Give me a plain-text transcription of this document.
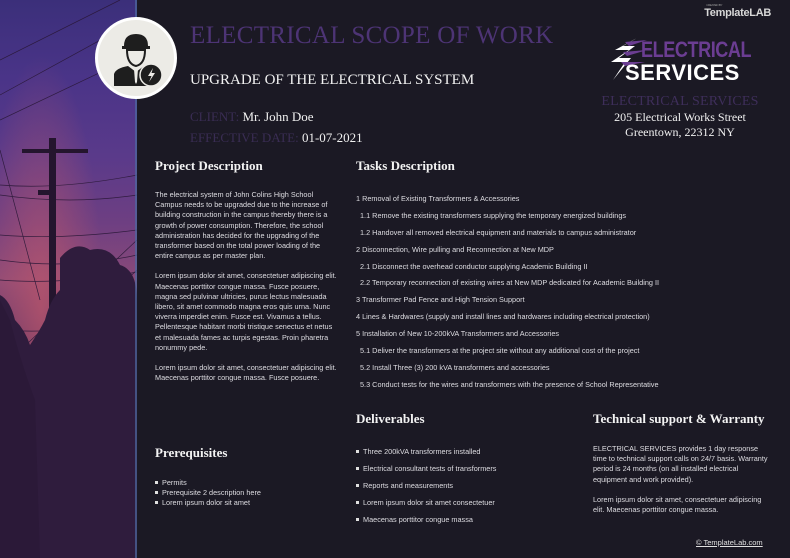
ELECTRICAL SCOPE OF WORK
UPGRADE OF THE ELECTRICAL SYSTEM
CLIENT: Mr. John Doe
EFFECTIVE DATE: 01-07-2021
CREATED BY
TemplateLAB
ELECTRICAL
SERVICES
ELECTRICAL SERVICES
205 Electrical Works Street
Greentown, 22312 NY
Project Description

The electrical system of John Colins High School Campus needs to be upgraded due to the increase of building construction in the campus thereby there is a growth of power consumption. Therefore, the school administration has decided for the upgrading of the transformer based on the total power loading of the entire campus as per master plan.

Lorem ipsum dolor sit amet, consectetuer adipiscing elit. Maecenas porttitor congue massa. Fusce posuere, magna sed pulvinar ultricies, purus lectus malesuada libero, sit amet commodo magna eros quis urna. Nunc viverra imperdiet enim. Fusce est. Vivamus a tellus. Pellentesque habitant morbi tristique senectus et netus et malesuada fames ac turpis egestas. Proin pharetra nonummy pede.

Lorem ipsum dolor sit amet, consectetuer adipiscing elit. Maecenas porttitor congue massa. Fusce posuere.

Tasks Description
1 Removal of Existing Transformers & Accessories
1.1 Remove the existing transformers supplying the temporary energized buildings
1.2 Handover all removed electrical equipment and materials to campus administrator
2 Disconnection, Wire pulling and Reconnection at New MDP
2.1 Disconnect the overhead conductor supplying Academic Building II
2.2 Temporary reconnection of existing wires at New MDP dedicated for Academic Building II
3 Transformer Pad Fence and High Tension Support
4 Lines & Hardwares (supply and install lines and hardwares including electrical protection)
5 Installation of New 10-200kVA Transformers and Accessories
5.1 Deliver the transformers at the project site without any additional cost of the project
5.2 Install Three (3) 200 kVA transformers and accessories
5.3 Conduct tests for the wires and transformers with the presence of School Representative
Deliverables
Three 200kVA transformers installed
Electrical consultant tests of transformers
Reports and measurements
Lorem ipsum dolor sit amet consectetuer
Maecenas porttitor congue massa
Prerequisites
Permits
Prerequisite 2 description here
Lorem ipsum dolor sit amet
Technical support & Warranty

ELECTRICAL SERVICES provides 1 day response time to technical support calls on 24/7 basis. Warranty period is 24 months (on all installed electrical equipment and work provided).

Lorem ipsum dolor sit amet, consectetuer adipiscing elit. Maecenas porttitor congue massa.

© TemplateLab.com
